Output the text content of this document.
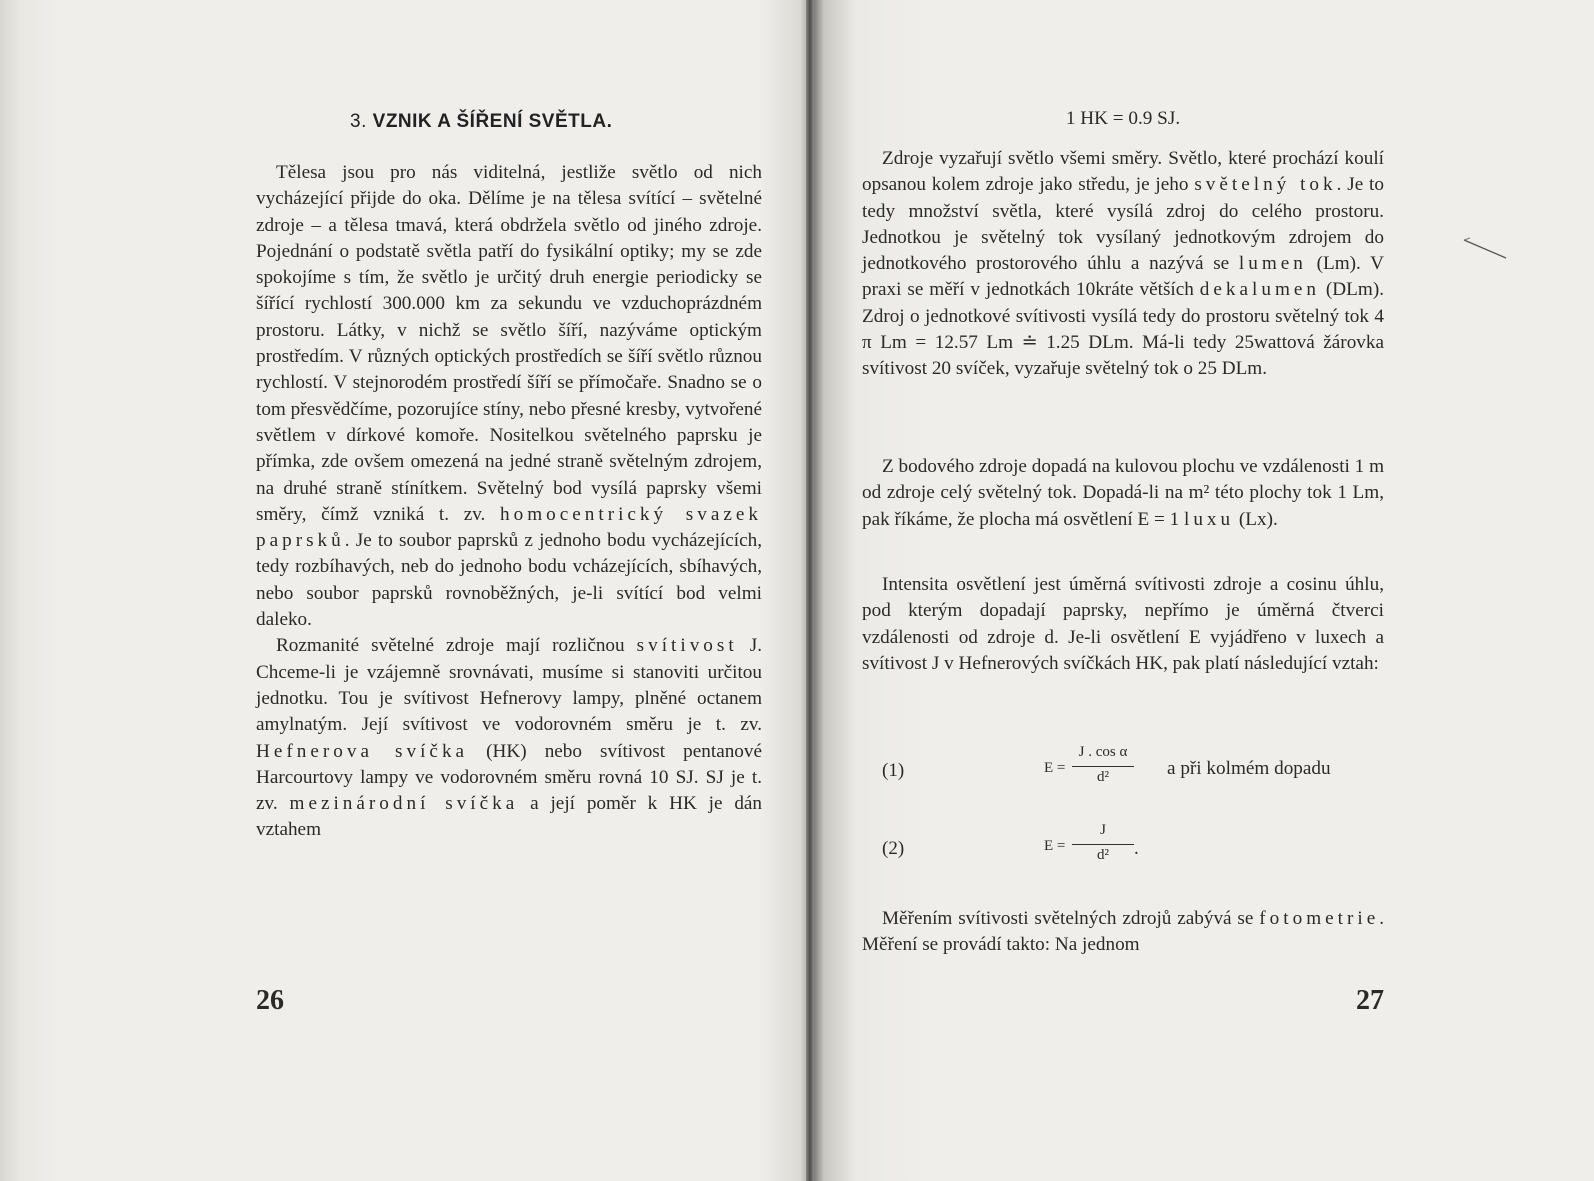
3. VZNIK A ŠÍŘENÍ SVĚTLA.

Tělesa jsou pro nás viditelná, jestliže světlo od nich vycházející přijde do oka. Dělíme je na tělesa svítící – světelné zdroje – a tělesa tmavá, která obdržela světlo od jiného zdroje. Pojednání o podstatě světla patří do fysikální optiky; my se zde spokojíme s tím, že světlo je určitý druh energie periodicky se šířící rychlostí 300.000 km za sekundu ve vzduchoprázdném prostoru. Látky, v nichž se světlo šíří, nazýváme optickým prostředím. V různých optických prostředích se šíří světlo různou rychlostí. V stejnorodém prostředí šíří se přímočaře. Snadno se o tom přesvědčíme, pozorujíce stíny, nebo přesné kresby, vytvořené světlem v dírkové komoře. Nositelkou světelného paprsku je přímka, zde ovšem omezená na jedné straně světelným zdrojem, na druhé straně stínítkem. Světelný bod vysílá paprsky všemi směry, čímž vzniká t. zv. homocentrický svazek paprsků. Je to soubor paprsků z jednoho bodu vycházejících, tedy rozbíhavých, neb do jednoho bodu vcházejících, sbíhavých, nebo soubor paprsků rovnoběžných, je-li svítící bod velmi daleko.

Rozmanité světelné zdroje mají rozličnou svítivost J. Chceme-li je vzájemně srovnávati, musíme si stanoviti určitou jednotku. Tou je svítivost Hefnerovy lampy, plněné octanem amylnatým. Její svítivost ve vodorovném směru je t. zv. Hefnerova svíčka (HK) nebo svítivost pentanové Harcourtovy lampy ve vodorovném směru rovná 10 SJ. SJ je t. zv. mezinárodní svíčka a její poměr k HK je dán vztahem

26
1 HK = 0.9 SJ.

Zdroje vyzařují světlo všemi směry. Světlo, které prochází koulí opsanou kolem zdroje jako středu, je jeho světelný tok. Je to tedy množství světla, které vysílá zdroj do celého prostoru. Jednotkou je světelný tok vysílaný jednotkovým zdrojem do jednotkového prostorového úhlu a nazývá se lumen (Lm). V praxi se měří v jednotkách 10kráte větších dekalumen (DLm). Zdroj o jednotkové svítivosti vysílá tedy do prostoru světelný tok 4 π Lm = 12.57 Lm ≐ 1.25 DLm. Má-li tedy 25wattová žárovka svítivost 20 svíček, vyzařuje světelný tok o 25 DLm.

Z bodového zdroje dopadá na kulovou plochu ve vzdálenosti 1 m od zdroje celý světelný tok. Dopadá-li na m² této plochy tok 1 Lm, pak říkáme, že plocha má osvětlení E = 1 luxu (Lx).

Intensita osvětlení jest úměrná svítivosti zdroje a cosinu úhlu, pod kterým dopadají paprsky, nepřímo je úměrná čtverci vzdálenosti od zdroje d. Je-li osvětlení E vyjádřeno v luxech a svítivost J v Hefnerových svíčkách HK, pak platí následující vztah:

(1)	E =
J . cos α
d²	a při kolmém dopadu
(2)	E =
J
d²	.

Měřením svítivosti světelných zdrojů zabývá se fotometrie. Měření se provádí takto: Na jednom

27
